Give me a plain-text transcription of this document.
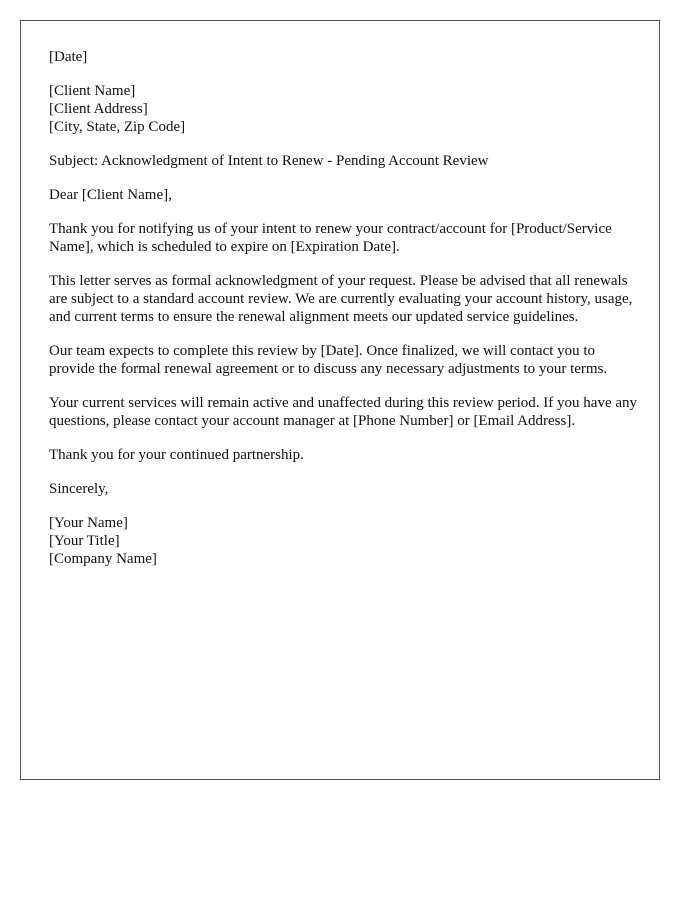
[Date]

[Client Name]
[Client Address]
[City, State, Zip Code]

Subject: Acknowledgment of Intent to Renew - Pending Account Review

Dear [Client Name],

Thank you for notifying us of your intent to renew your contract/account for [Product/Service Name], which is scheduled to expire on [Expiration Date].

This letter serves as formal acknowledgment of your request. Please be advised that all renewals are subject to a standard account review. We are currently evaluating your account history, usage, and current terms to ensure the renewal alignment meets our updated service guidelines.

Our team expects to complete this review by [Date]. Once finalized, we will contact you to provide the formal renewal agreement or to discuss any necessary adjustments to your terms.

Your current services will remain active and unaffected during this review period. If you have any questions, please contact your account manager at [Phone Number] or [Email Address].

Thank you for your continued partnership.

Sincerely,

[Your Name]
[Your Title]
[Company Name]
